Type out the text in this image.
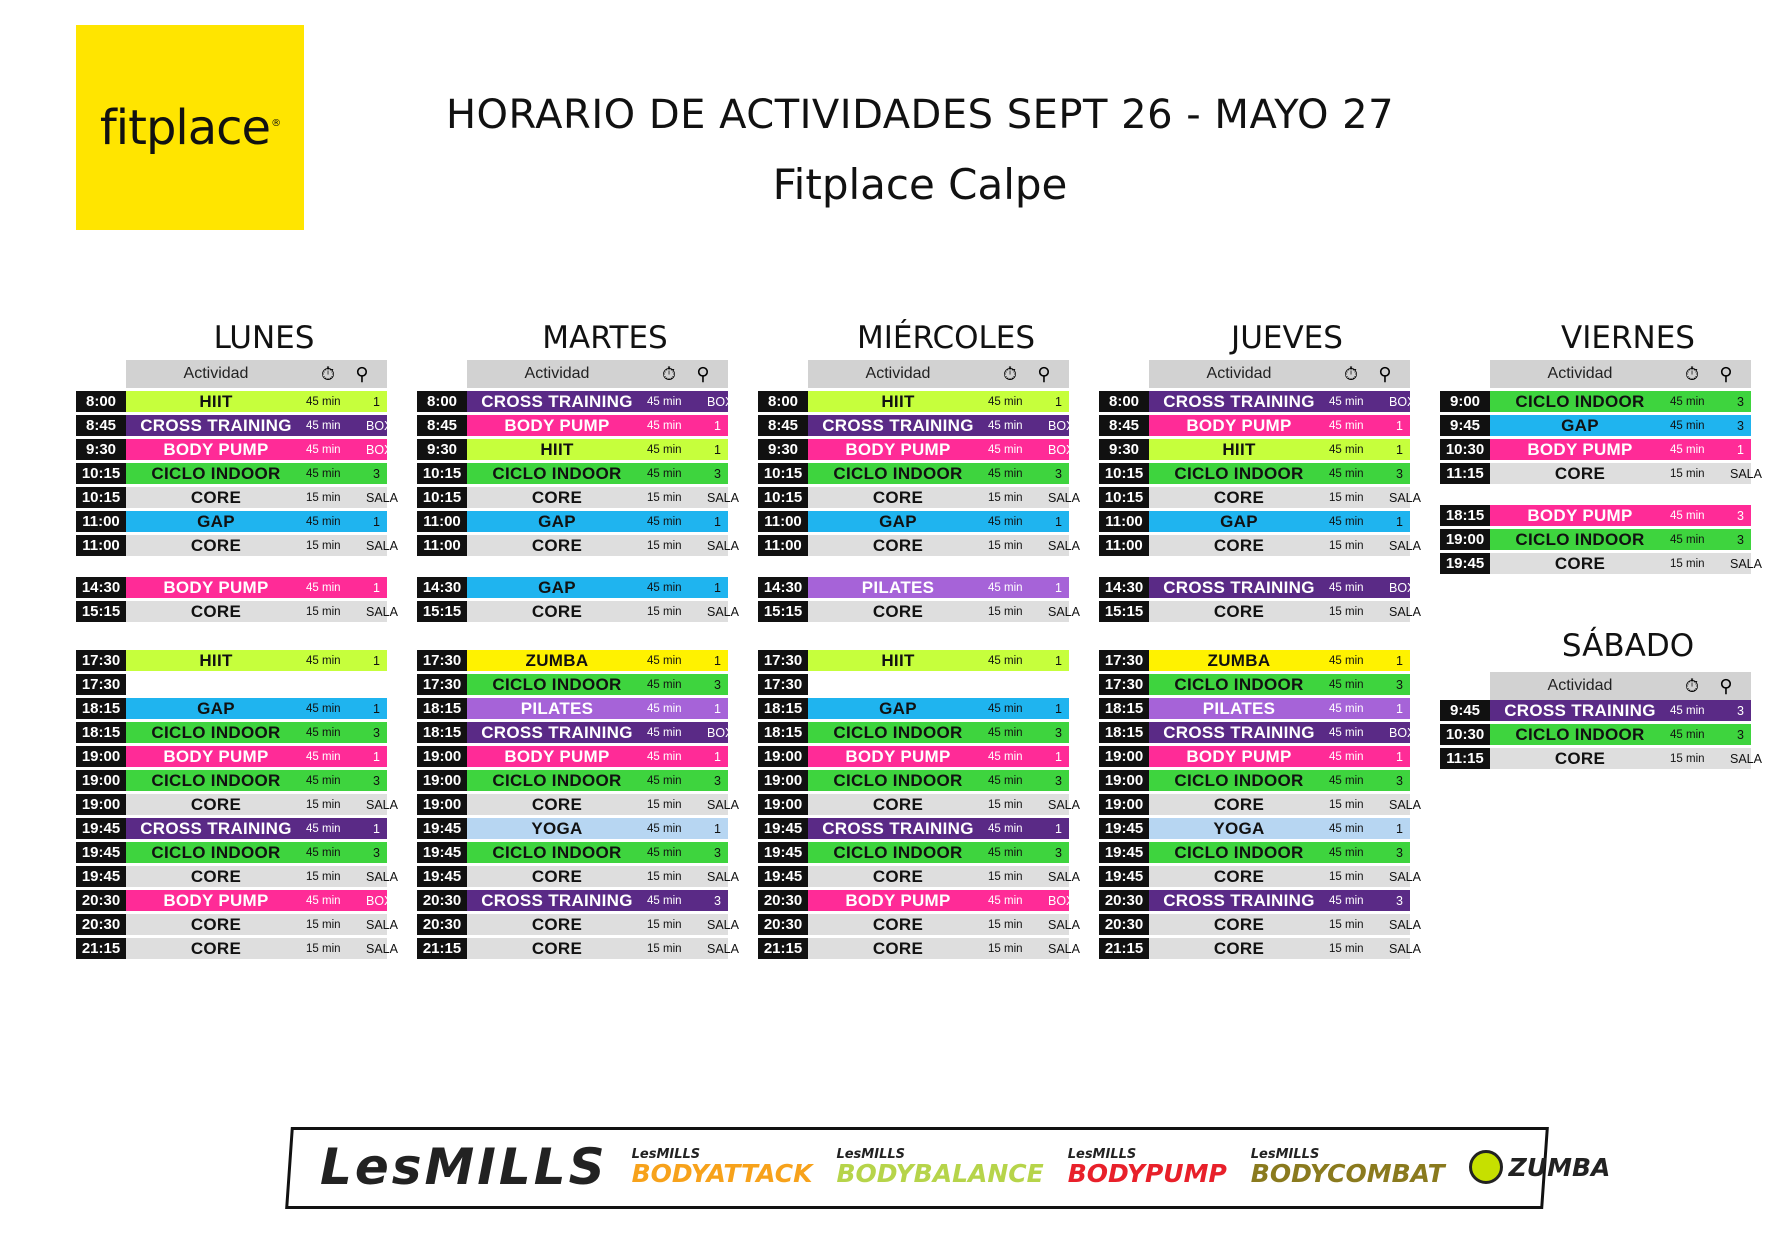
fitplace®	HORARIO DE ACTIVIDADES SEPT 26 - MAYO 27
Fitplace Calpe
LUNES
Actividad	⏱	⚲
8:00	HIIT	45 min	1
8:45	CROSS TRAINING	45 min	BOX
9:30	BODY PUMP	45 min	BOX
10:15	CICLO INDOOR	45 min	3
10:15	CORE	15 min	SALA
11:00	GAP	45 min	1
11:00	CORE	15 min	SALA
14:30	BODY PUMP	45 min	1
15:15	CORE	15 min	SALA
17:30	HIIT	45 min	1
17:30
18:15	GAP	45 min	1
18:15	CICLO INDOOR	45 min	3
19:00	BODY PUMP	45 min	1
19:00	CICLO INDOOR	45 min	3
19:00	CORE	15 min	SALA
19:45	CROSS TRAINING	45 min	1
19:45	CICLO INDOOR	45 min	3
19:45	CORE	15 min	SALA
20:30	BODY PUMP	45 min	BOX
20:30	CORE	15 min	SALA
21:15	CORE	15 min	SALA
MARTES
Actividad	⏱	⚲
8:00	CROSS TRAINING	45 min	BOX
8:45	BODY PUMP	45 min	1
9:30	HIIT	45 min	1
10:15	CICLO INDOOR	45 min	3
10:15	CORE	15 min	SALA
11:00	GAP	45 min	1
11:00	CORE	15 min	SALA
14:30	GAP	45 min	1
15:15	CORE	15 min	SALA
17:30	ZUMBA	45 min	1
17:30	CICLO INDOOR	45 min	3
18:15	PILATES	45 min	1
18:15	CROSS TRAINING	45 min	BOX
19:00	BODY PUMP	45 min	1
19:00	CICLO INDOOR	45 min	3
19:00	CORE	15 min	SALA
19:45	YOGA	45 min	1
19:45	CICLO INDOOR	45 min	3
19:45	CORE	15 min	SALA
20:30	CROSS TRAINING	45 min	3
20:30	CORE	15 min	SALA
21:15	CORE	15 min	SALA
MIÉRCOLES
Actividad	⏱	⚲
8:00	HIIT	45 min	1
8:45	CROSS TRAINING	45 min	BOX
9:30	BODY PUMP	45 min	BOX
10:15	CICLO INDOOR	45 min	3
10:15	CORE	15 min	SALA
11:00	GAP	45 min	1
11:00	CORE	15 min	SALA
14:30	PILATES	45 min	1
15:15	CORE	15 min	SALA
17:30	HIIT	45 min	1
17:30
18:15	GAP	45 min	1
18:15	CICLO INDOOR	45 min	3
19:00	BODY PUMP	45 min	1
19:00	CICLO INDOOR	45 min	3
19:00	CORE	15 min	SALA
19:45	CROSS TRAINING	45 min	1
19:45	CICLO INDOOR	45 min	3
19:45	CORE	15 min	SALA
20:30	BODY PUMP	45 min	BOX
20:30	CORE	15 min	SALA
21:15	CORE	15 min	SALA
JUEVES
Actividad	⏱	⚲
8:00	CROSS TRAINING	45 min	BOX
8:45	BODY PUMP	45 min	1
9:30	HIIT	45 min	1
10:15	CICLO INDOOR	45 min	3
10:15	CORE	15 min	SALA
11:00	GAP	45 min	1
11:00	CORE	15 min	SALA
14:30	CROSS TRAINING	45 min	BOX
15:15	CORE	15 min	SALA
17:30	ZUMBA	45 min	1
17:30	CICLO INDOOR	45 min	3
18:15	PILATES	45 min	1
18:15	CROSS TRAINING	45 min	BOX
19:00	BODY PUMP	45 min	1
19:00	CICLO INDOOR	45 min	3
19:00	CORE	15 min	SALA
19:45	YOGA	45 min	1
19:45	CICLO INDOOR	45 min	3
19:45	CORE	15 min	SALA
20:30	CROSS TRAINING	45 min	3
20:30	CORE	15 min	SALA
21:15	CORE	15 min	SALA
VIERNES
Actividad	⏱	⚲
9:00	CICLO INDOOR	45 min	3
9:45	GAP	45 min	3
10:30	BODY PUMP	45 min	1
11:15	CORE	15 min	SALA
18:15	BODY PUMP	45 min	3
19:00	CICLO INDOOR	45 min	3
19:45	CORE	15 min	SALA
SÁBADO
Actividad	⏱	⚲
9:45	CROSS TRAINING	45 min	3
10:30	CICLO INDOOR	45 min	3
11:15	CORE	15 min	SALA
LesMILLS LesMILLS
BODYATTACK
LesMILLS
BODYBALANCE
LesMILLS
BODYPUMP
LesMILLS
BODYCOMBAT	ZUMBA
